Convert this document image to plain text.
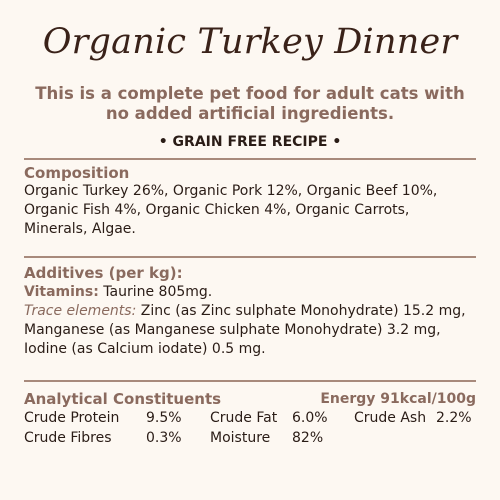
Organic Turkey Dinner
This is a complete pet food for adult cats with no added artificial ingredients.
• GRAIN FREE RECIPE •
Composition
Organic Turkey 26%, Organic Pork 12%, Organic Beef 10%, Organic Fish 4%, Organic Chicken 4%, Organic Carrots, Minerals, Algae.
Additives (per kg):
Vitamins: Taurine 805mg.
Trace elements: Zinc (as Zinc sulphate Monohydrate) 15.2 mg, Manganese (as Manganese sulphate Monohydrate) 3.2 mg, Iodine (as Calcium iodate) 0.5 mg.
Analytical Constituents	Energy 91kcal/100g
Crude Protein 9.5% Crude Fat 6.0% Crude Ash 2.2%
Crude Fibres 0.3% Moisture 82%
